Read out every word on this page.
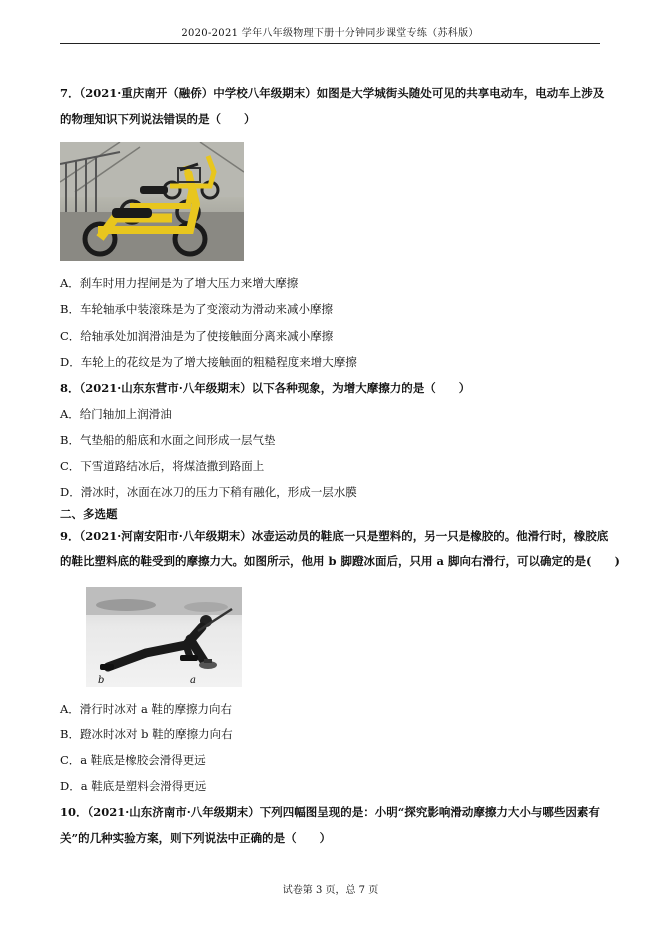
2020-2021 学年八年级物理下册十分钟同步课堂专练（苏科版）
7．（2021·重庆南开（融侨）中学校八年级期末）如图是大学城街头随处可见的共享电动车，电动车上涉及
的物理知识下列说法错误的是（　　）
A．刹车时用力捏闸是为了增大压力来增大摩擦
B．车轮轴承中装滚珠是为了变滚动为滑动来减小摩擦
C．给轴承处加润滑油是为了使接触面分离来减小摩擦
D．车轮上的花纹是为了增大接触面的粗糙程度来增大摩擦
8．（2021·山东东营市·八年级期末）以下各种现象，为增大摩擦力的是（　　）
A．给门轴加上润滑油
B．气垫船的船底和水面之间形成一层气垫
C．下雪道路结冰后，将煤渣撒到路面上
D．滑冰时，冰面在冰刀的压力下稍有融化，形成一层水膜
二、多选题
9．（2021·河南安阳市·八年级期末）冰壶运动员的鞋底一只是塑料的，另一只是橡胶的。他滑行时，橡胶底
的鞋比塑料底的鞋受到的摩擦力大。如图所示，他用 b 脚蹬冰面后，只用 a 脚向右滑行，可以确定的是(　　)
b	a
A．滑行时冰对 a 鞋的摩擦力向右
B．蹬冰时冰对 b 鞋的摩擦力向右
C．a 鞋底是橡胶会滑得更远
D．a 鞋底是塑料会滑得更远
10．（2021·山东济南市·八年级期末）下列四幅图呈现的是：小明“探究影响滑动摩擦力大小与哪些因素有
关”的几种实验方案，则下列说法中正确的是（　　）
试卷第 3 页，总 7 页
